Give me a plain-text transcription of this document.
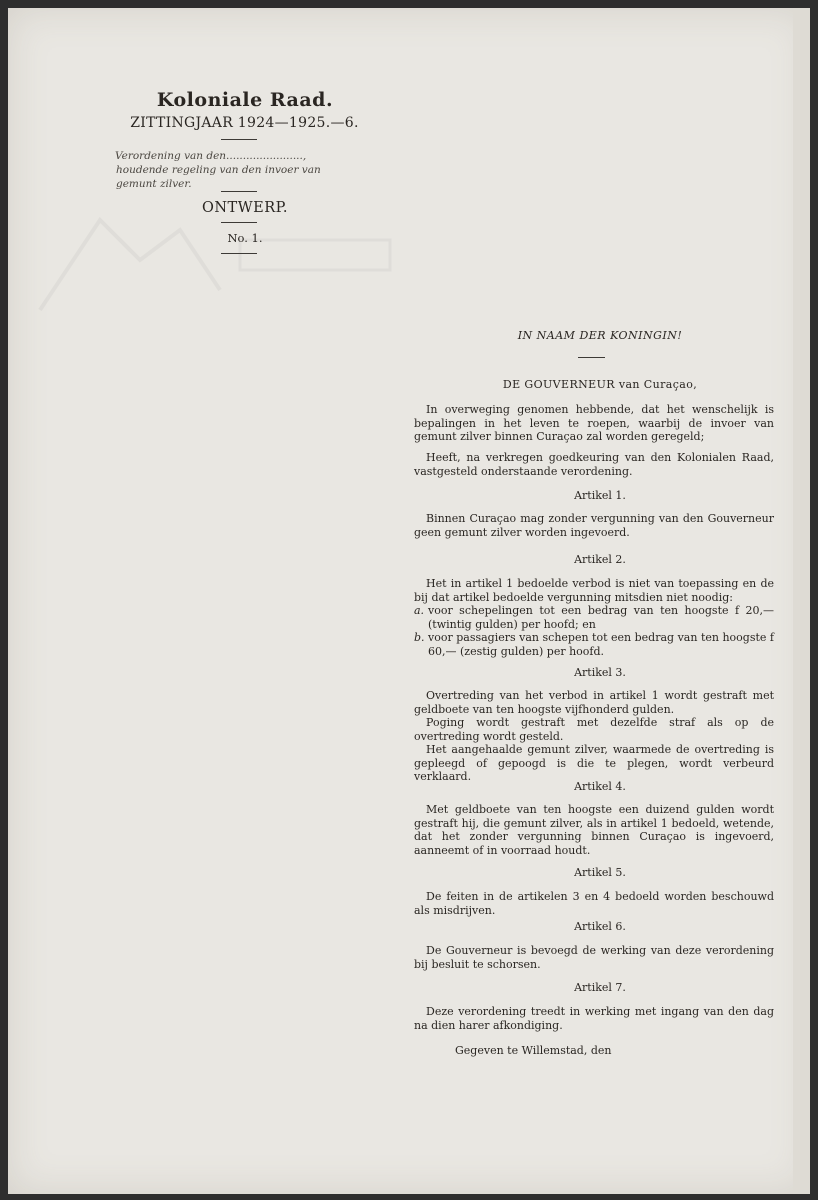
Koloniale Raad.
ZITTINGJAAR 1924—1925.—6.
Verordening van den.......................,
houdende regeling van den invoer van
gemunt zilver.
ONTWERP.
No. 1.
IN NAAM DER KONINGIN!
DE GOUVERNEUR van Curaçao,
In overweging genomen hebbende, dat het wenschelijk is bepalingen in het leven te roepen, waarbij de invoer van gemunt zilver binnen Curaçao zal worden geregeld;
Heeft, na verkregen goedkeuring van den Kolonialen Raad, vastgesteld onderstaande verordening.
Artikel 1.
Binnen Curaçao mag zonder vergunning van den Gouverneur geen gemunt zilver worden ingevoerd.
Artikel 2.
Het in artikel 1 bedoelde verbod is niet van toepassing en de bij dat artikel bedoelde vergunning mitsdien niet noodig:
a. voor schepelingen tot een bedrag van ten hoogste f 20,— (twintig gulden) per hoofd; en
b. voor passagiers van schepen tot een bedrag van ten hoogste f 60,— (zestig gulden) per hoofd.
Artikel 3.
Overtreding van het verbod in artikel 1 wordt gestraft met geldboete van ten hoogste vijfhonderd gulden.
Poging wordt gestraft met dezelfde straf als op de overtreding wordt gesteld.
Het aangehaalde gemunt zilver, waarmede de overtreding is gepleegd of gepoogd is die te plegen, wordt verbeurd verklaard.
Artikel 4.
Met geldboete van ten hoogste een duizend gulden wordt gestraft hij, die gemunt zilver, als in artikel 1 bedoeld, wetende, dat het zonder vergunning binnen Curaçao is ingevoerd, aanneemt of in voorraad houdt.
Artikel 5.
De feiten in de artikelen 3 en 4 bedoeld worden beschouwd als misdrijven.
Artikel 6.
De Gouverneur is bevoegd de werking van deze verordening bij besluit te schorsen.
Artikel 7.
Deze verordening treedt in werking met ingang van den dag na dien harer afkondiging.
Gegeven te Willemstad, den
